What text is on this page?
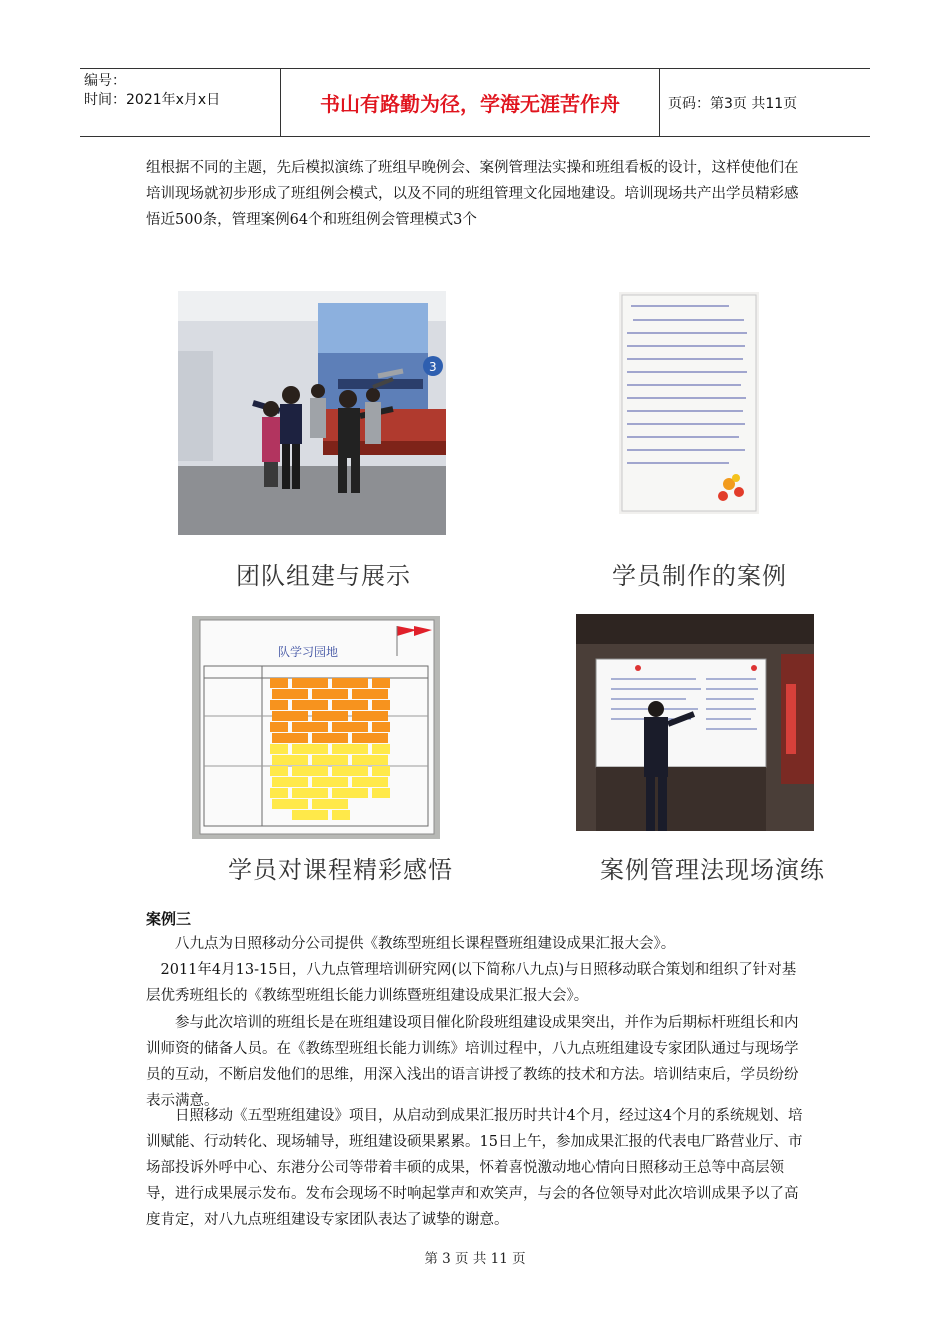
编号：
时间：2021年x月x日	书山有路勤为径，学海无涯苦作舟	页码：第3页 共11页
组根据不同的主题，先后模拟演练了班组早晚例会、案例管理法实操和班组看板的设计，这样使他们在培训现场就初步形成了班组例会模式，以及不同的班组管理文化园地建设。培训现场共产出学员精彩感悟近500条，管理案例64个和班组例会管理模式3个
3
团队组建与展示	学员制作的案例
队学习园地
学员对课程精彩感悟	案例管理法现场演练
案例三
　　八九点为日照移动分公司提供《教练型班组长课程暨班组建设成果汇报大会》。
　2011年4月13-15日，八九点管理培训研究网(以下简称八九点)与日照移动联合策划和组织了针对基层优秀班组长的《教练型班组长能力训练暨班组建设成果汇报大会》。
　　参与此次培训的班组长是在班组建设项目催化阶段班组建设成果突出，并作为后期标杆班组长和内训师资的储备人员。在《教练型班组长能力训练》培训过程中，八九点班组建设专家团队通过与现场学员的互动，不断启发他们的思维，用深入浅出的语言讲授了教练的技术和方法。培训结束后，学员纷纷表示满意。
　　日照移动《五型班组建设》项目，从启动到成果汇报历时共计4个月，经过这4个月的系统规划、培训赋能、行动转化、现场辅导，班组建设硕果累累。15日上午，参加成果汇报的代表电厂路营业厅、市场部投诉外呼中心、东港分公司等带着丰硕的成果，怀着喜悦激动地心情向日照移动王总等中高层领导，进行成果展示发布。发布会现场不时响起掌声和欢笑声，与会的各位领导对此次培训成果予以了高度肯定，对八九点班组建设专家团队表达了诚挚的谢意。
第 3 页 共 11 页
